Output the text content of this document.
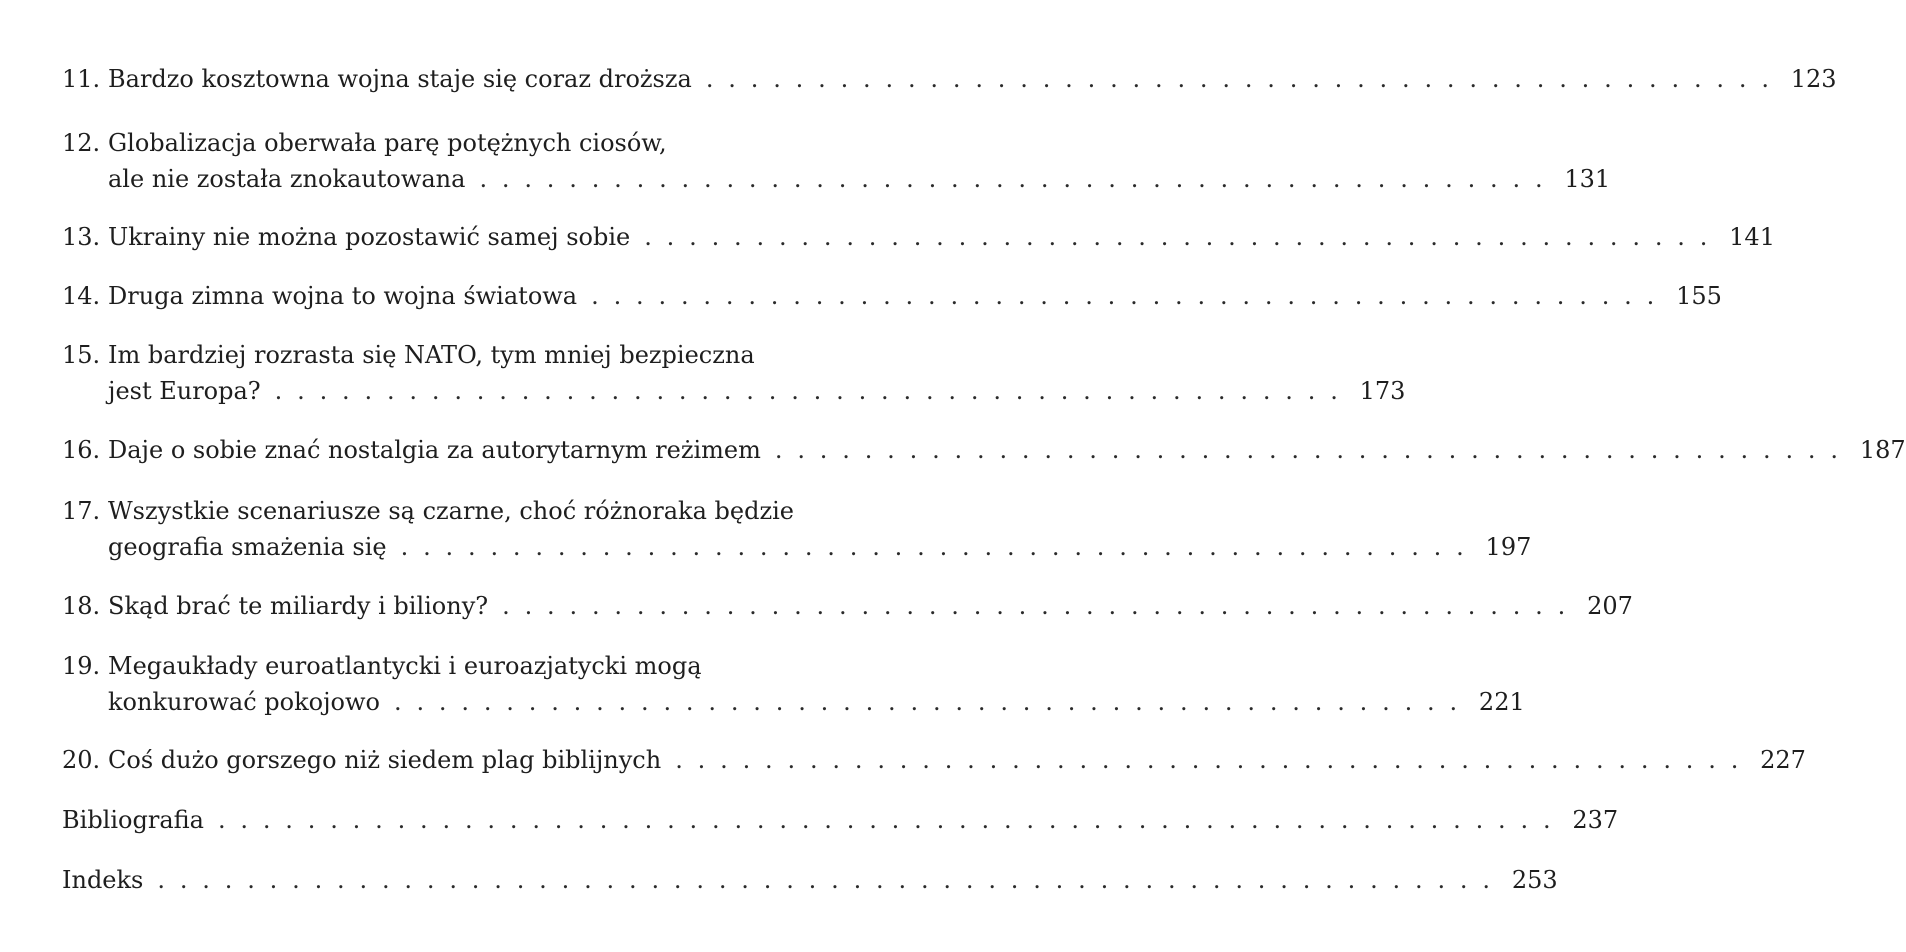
11. Bardzo kosztowna wojna staje się coraz droższa . . . . . . . . . . . . . . . . . . . . . . . . . . . . . . . . . . . . . . . . . . . . . . . . 123
12. Globalizacja oberwała parę potężnych ciosów,
ale nie została znokautowana . . . . . . . . . . . . . . . . . . . . . . . . . . . . . . . . . . . . . . . . . . . . . . . . 131
13. Ukrainy nie można pozostawić samej sobie . . . . . . . . . . . . . . . . . . . . . . . . . . . . . . . . . . . . . . . . . . . . . . . . 141
14. Druga zimna wojna to wojna światowa . . . . . . . . . . . . . . . . . . . . . . . . . . . . . . . . . . . . . . . . . . . . . . . . 155
15. Im bardziej rozrasta się NATO, tym mniej bezpieczna
jest Europa? . . . . . . . . . . . . . . . . . . . . . . . . . . . . . . . . . . . . . . . . . . . . . . . . 173
16. Daje o sobie znać nostalgia za autorytarnym reżimem . . . . . . . . . . . . . . . . . . . . . . . . . . . . . . . . . . . . . . . . . . . . . . . . 187
17. Wszystkie scenariusze są czarne, choć różnoraka będzie
geografia smażenia się . . . . . . . . . . . . . . . . . . . . . . . . . . . . . . . . . . . . . . . . . . . . . . . . 197
18. Skąd brać te miliardy i biliony? . . . . . . . . . . . . . . . . . . . . . . . . . . . . . . . . . . . . . . . . . . . . . . . . 207
19. Megaukłady euroatlantycki i euroazjatycki mogą
konkurować pokojowo . . . . . . . . . . . . . . . . . . . . . . . . . . . . . . . . . . . . . . . . . . . . . . . . 221
20. Coś dużo gorszego niż siedem plag biblijnych . . . . . . . . . . . . . . . . . . . . . . . . . . . . . . . . . . . . . . . . . . . . . . . . 227
Bibliografia . . . . . . . . . . . . . . . . . . . . . . . . . . . . . . . . . . . . . . . . . . . . . . . . . . . . . . . . . . . . 237
Indeks . . . . . . . . . . . . . . . . . . . . . . . . . . . . . . . . . . . . . . . . . . . . . . . . . . . . . . . . . . . . 253
